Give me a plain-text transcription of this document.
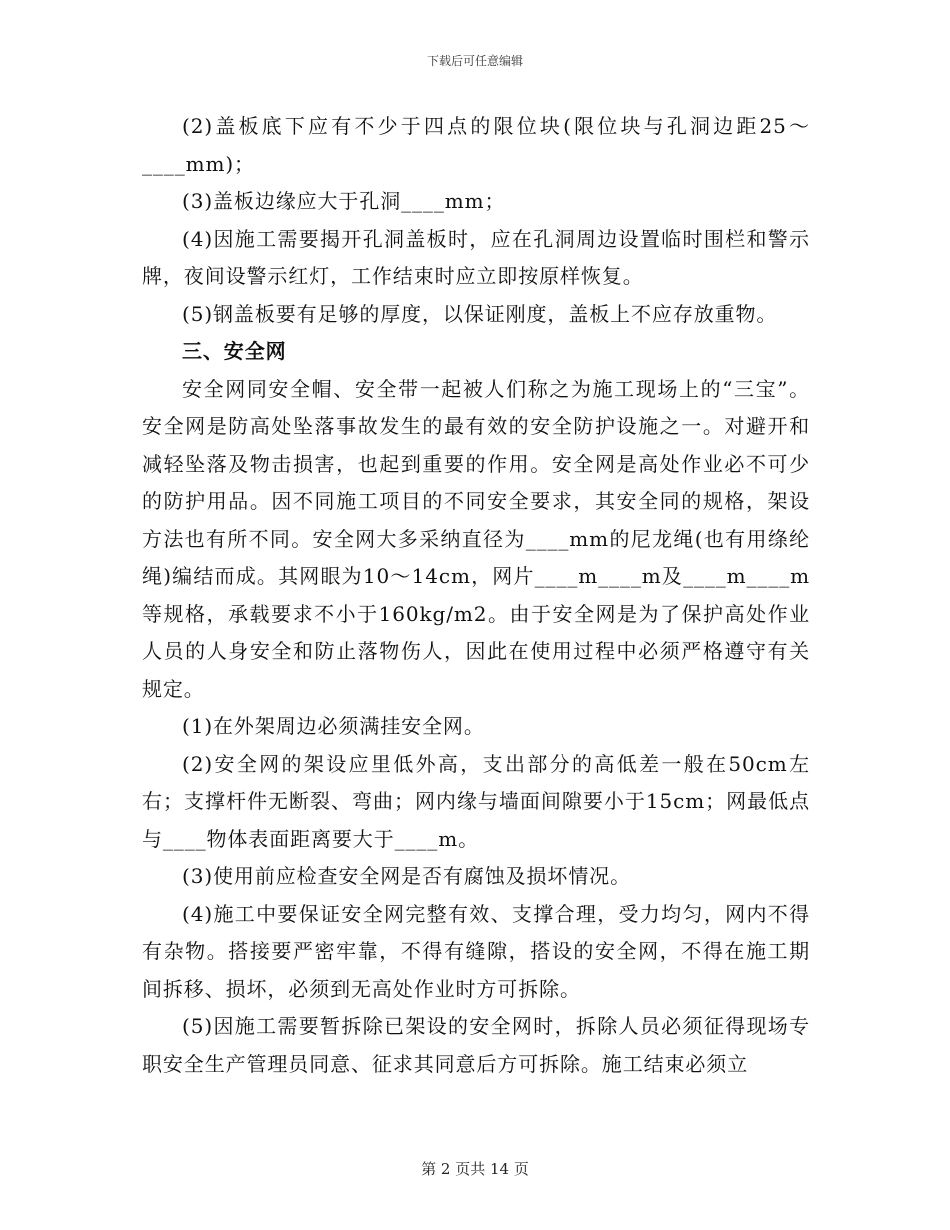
下载后可任意编辑

(2)盖板底下应有不少于四点的限位块(限位块与孔洞边距25～____mm)；

(3)盖板边缘应大于孔洞____mm；

(4)因施工需要揭开孔洞盖板时，应在孔洞周边设置临时围栏和警示牌，夜间设警示红灯，工作结束时应立即按原样恢复。

(5)钢盖板要有足够的厚度，以保证刚度，盖板上不应存放重物。

三、安全网

安全网同安全帽、安全带一起被人们称之为施工现场上的“三宝”。安全网是防高处坠落事故发生的最有效的安全防护设施之一。对避开和减轻坠落及物击损害，也起到重要的作用。安全网是高处作业必不可少的防护用品。因不同施工项目的不同安全要求，其安全同的规格，架设方法也有所不同。安全网大多采纳直径为____mm的尼龙绳(也有用绦纶绳)编结而成。其网眼为10～14cm，网片____m____m及____m____m等规格，承载要求不小于160kg/m2。由于安全网是为了保护高处作业人员的人身安全和防止落物伤人，因此在使用过程中必须严格遵守有关规定。

(1)在外架周边必须满挂安全网。

(2)安全网的架设应里低外高，支出部分的高低差一般在50cm左右；支撑杆件无断裂、弯曲；网内缘与墙面间隙要小于15cm；网最低点与____物体表面距离要大于____m。

(3)使用前应检查安全网是否有腐蚀及损坏情况。

(4)施工中要保证安全网完整有效、支撑合理，受力均匀，网内不得有杂物。搭接要严密牢靠，不得有缝隙，搭设的安全网，不得在施工期间拆移、损坏，必须到无高处作业时方可拆除。

(5)因施工需要暂拆除已架设的安全网时，拆除人员必须征得现场专职安全生产管理员同意、征求其同意后方可拆除。施工结束必须立

第 2 页共 14 页
